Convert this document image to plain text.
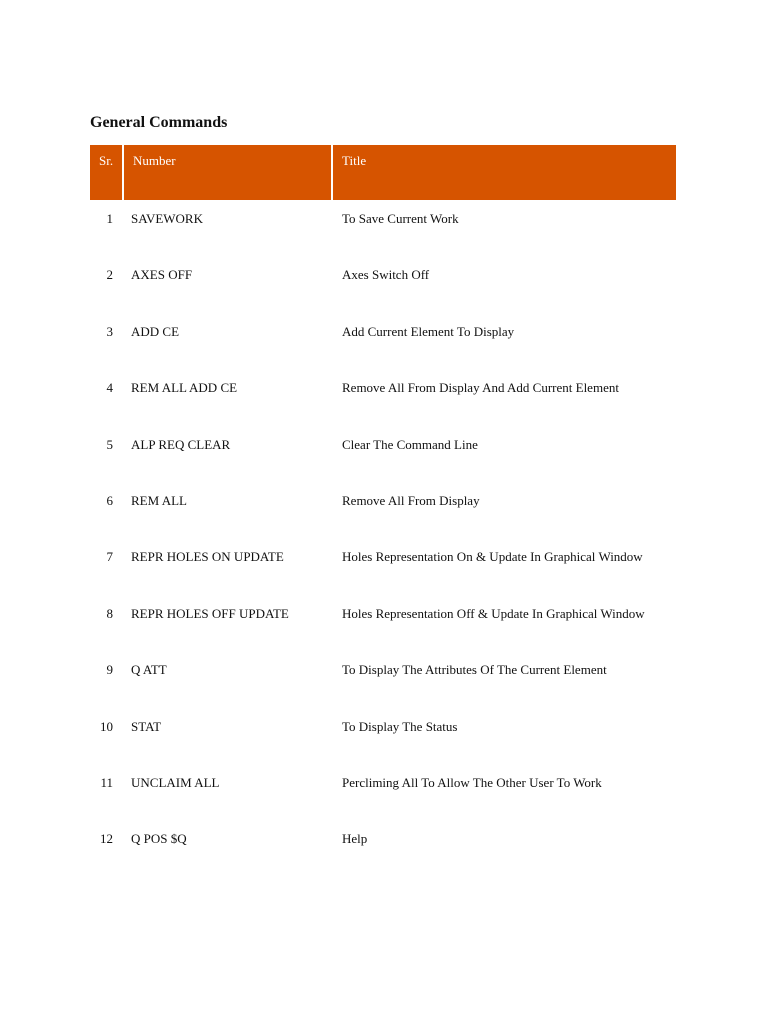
General Commands
Sr.	Number	Title
1	SAVEWORK	To Save Current Work
2	AXES OFF	Axes Switch Off
3	ADD CE	Add Current Element To Display
4	REM ALL ADD CE	Remove All From Display And Add Current Element
5	ALP REQ CLEAR	Clear The Command Line
6	REM ALL	Remove All From Display
7	REPR HOLES ON UPDATE	Holes Representation On & Update In Graphical Window
8	REPR HOLES OFF UPDATE	Holes Representation Off & Update In Graphical Window
9	Q ATT	To Display The Attributes Of The Current Element
10	STAT	To Display The Status
11	UNCLAIM ALL	Percliming All To Allow The Other User To Work
12	Q POS $Q	Help
